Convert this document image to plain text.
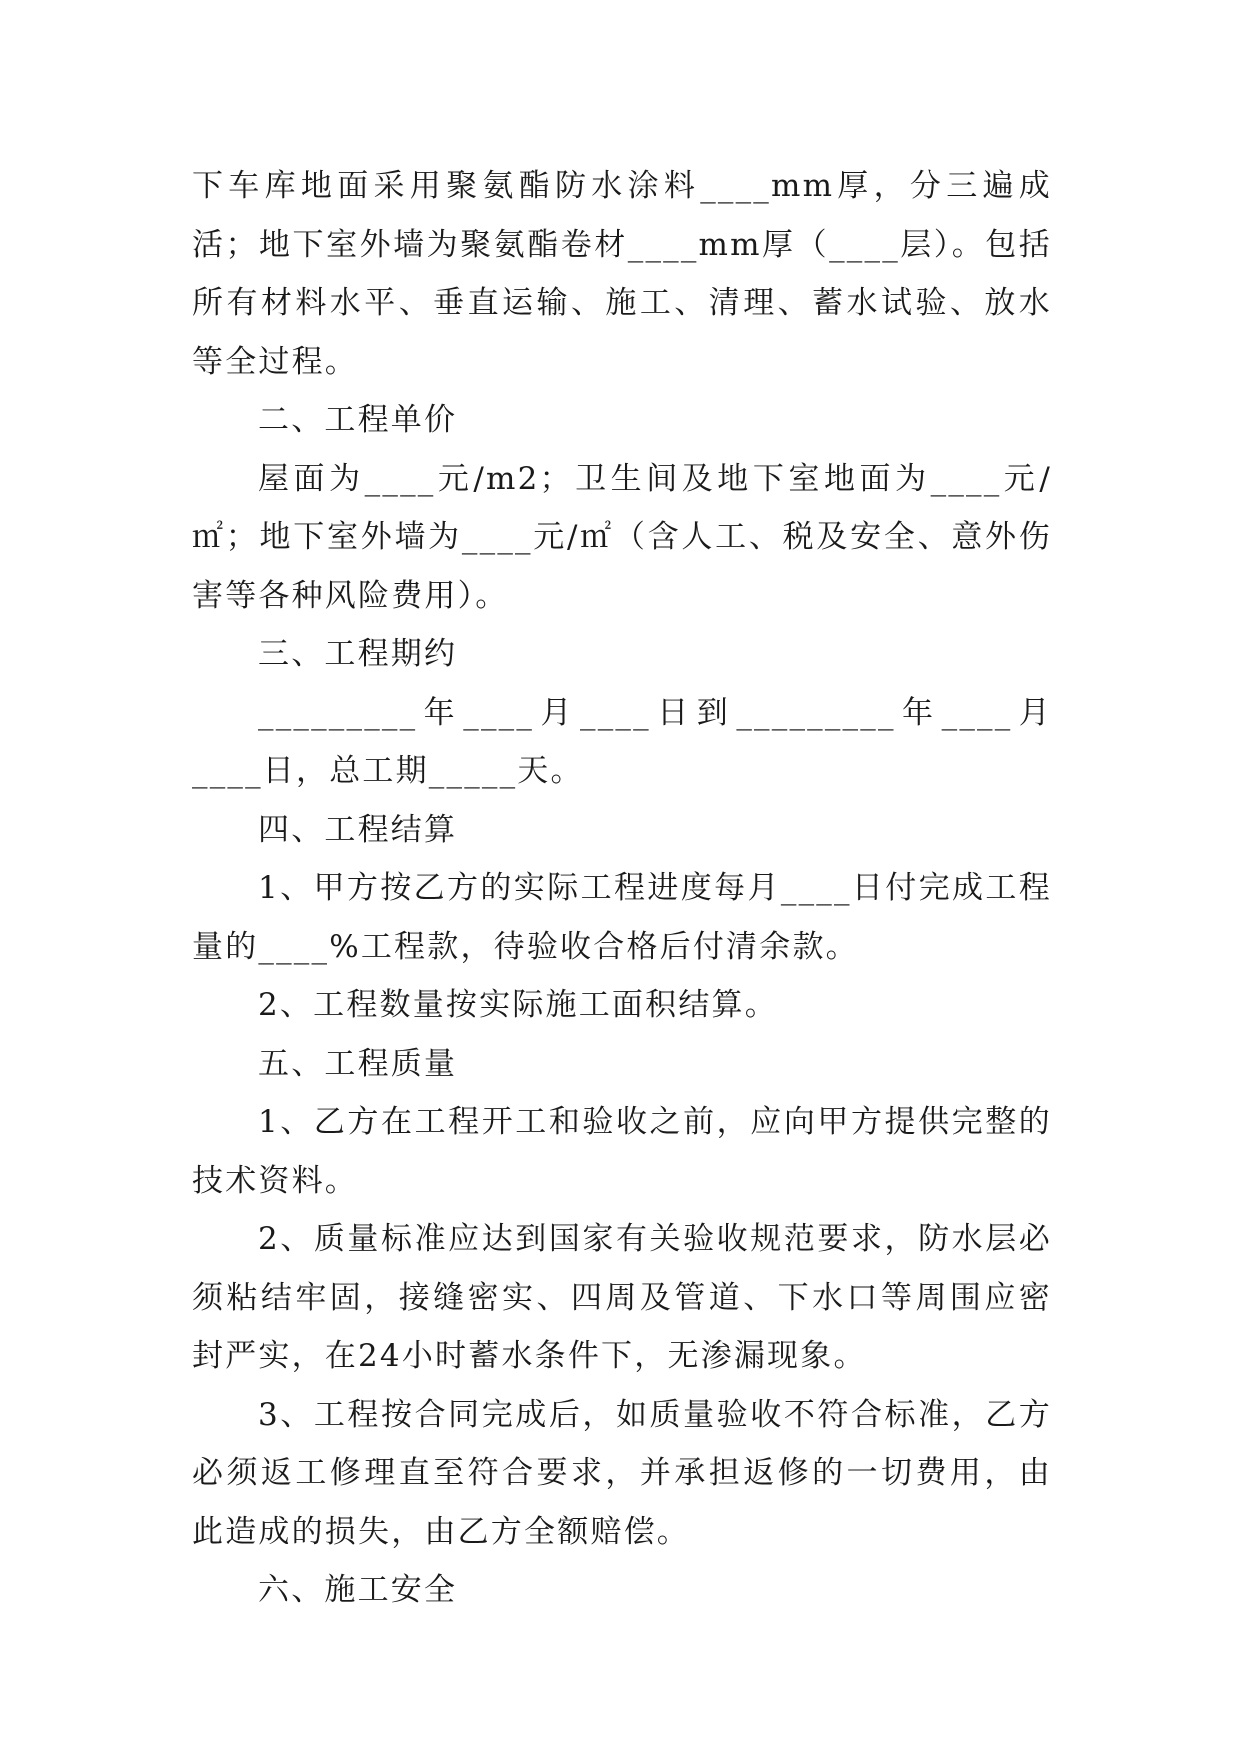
下车库地面采用聚氨酯防水涂料____mm厚，分三遍成活；地下室外墙为聚氨酯卷材____mm厚（____层）。包括所有材料水平、垂直运输、施工、清理、蓄水试验、放水等全过程。

二、工程单价

屋面为____元/m2；卫生间及地下室地面为____元/㎡；地下室外墙为____元/㎡（含人工、税及安全、意外伤害等各种风险费用）。

三、工程期约

_________年____月____日到_________年____月____日，总工期_____天。

四、工程结算

1、甲方按乙方的实际工程进度每月____日付完成工程量的____%工程款，待验收合格后付清余款。

2、工程数量按实际施工面积结算。

五、工程质量

1、乙方在工程开工和验收之前，应向甲方提供完整的技术资料。

2、质量标准应达到国家有关验收规范要求，防水层必须粘结牢固，接缝密实、四周及管道、下水口等周围应密封严实，在24小时蓄水条件下，无渗漏现象。

3、工程按合同完成后，如质量验收不符合标准，乙方必须返工修理直至符合要求，并承担返修的一切费用，由此造成的损失，由乙方全额赔偿。

六、施工安全
